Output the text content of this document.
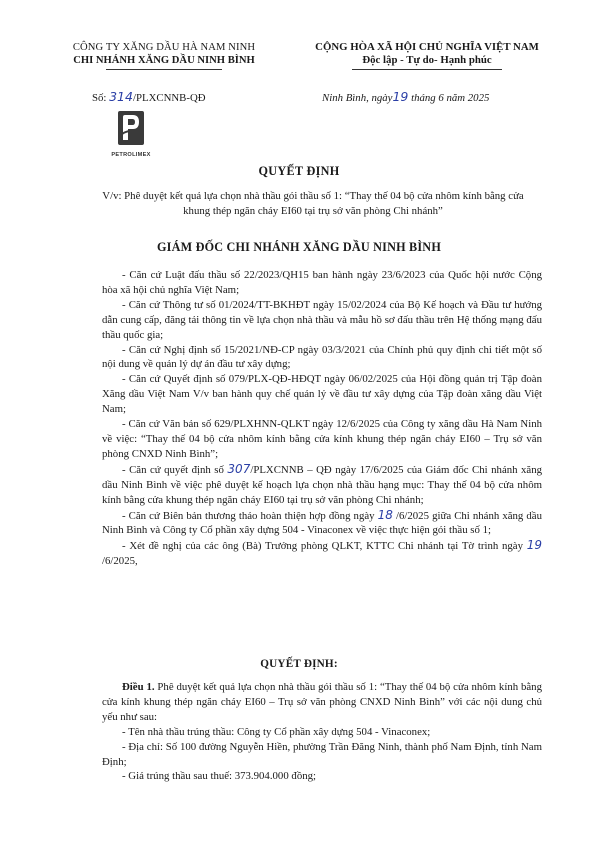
CÔNG TY XĂNG DẦU HÀ NAM NINH
CHI NHÁNH XĂNG DẦU NINH BÌNH
CỘNG HÒA XÃ HỘI CHỦ NGHĨA VIỆT NAM
Độc lập - Tự do- Hạnh phúc
Số: 314/PLXCNNB-QĐ	Ninh Bình, ngày19 tháng 6 năm 2025
PETROLIMEX
QUYẾT ĐỊNH
V/v: Phê duyệt kết quả lựa chọn nhà thầu gói thầu số 1: “Thay thế 04 bộ cửa nhôm kính bằng cửa khung thép ngăn cháy EI60 tại trụ sở văn phòng Chi nhánh”
GIÁM ĐỐC CHI NHÁNH XĂNG DẦU NINH BÌNH

- Căn cứ Luật đấu thầu số 22/2023/QH15 ban hành ngày 23/6/2023 của Quốc hội nước Cộng hòa xã hội chủ nghĩa Việt Nam;

- Căn cứ Thông tư số 01/2024/TT-BKHĐT ngày 15/02/2024 của Bộ Kế hoạch và Đầu tư hướng dẫn cung cấp, đăng tải thông tin về lựa chọn nhà thầu và mẫu hồ sơ đấu thầu trên Hệ thống mạng đấu thầu quốc gia;

- Căn cứ Nghị định số 15/2021/NĐ-CP ngày 03/3/2021 của Chính phủ quy định chi tiết một số nội dung về quản lý dự án đầu tư xây dựng;

- Căn cứ Quyết định số 079/PLX-QĐ-HĐQT ngày 06/02/2025 của Hội đồng quản trị Tập đoàn Xăng dầu Việt Nam V/v ban hành quy chế quản lý về đầu tư xây dựng của Tập đoàn xăng dầu Việt Nam;

- Căn cứ Văn bản số 629/PLXHNN-QLKT ngày 12/6/2025 của Công ty xăng dầu Hà Nam Ninh về việc: “Thay thế 04 bộ cửa nhôm kính bằng cửa kính khung thép ngăn cháy EI60 – Trụ sở văn phòng CNXD Ninh Bình”;

- Căn cứ quyết định số 307/PLXCNNB – QĐ ngày 17/6/2025 của Giám đốc Chi nhánh xăng dầu Ninh Bình về việc phê duyệt kế hoạch lựa chọn nhà thầu hạng mục: Thay thế 04 bộ cửa nhôm kính bằng cửa khung thép ngăn cháy EI60 tại trụ sở văn phòng Chi nhánh;

- Căn cứ Biên bản thương thảo hoàn thiện hợp đồng ngày 18 /6/2025 giữa Chi nhánh xăng dầu Ninh Bình và Công ty Cổ phần xây dựng 504 - Vinaconex về việc thực hiện gói thầu số 1;

- Xét đề nghị của các ông (Bà) Trưởng phòng QLKT, KTTC Chi nhánh tại Tờ trình ngày 19 /6/2025,

QUYẾT ĐỊNH:

Điều 1. Phê duyệt kết quả lựa chọn nhà thầu gói thầu số 1: “Thay thế 04 bộ cửa nhôm kính bằng cửa kính khung thép ngăn cháy EI60 – Trụ sở văn phòng CNXD Ninh Bình” với các nội dung chủ yếu như sau:

- Tên nhà thầu trúng thầu: Công ty Cổ phần xây dựng 504 - Vinaconex;

- Địa chỉ: Số 100 đường Nguyễn Hiền, phường Trần Đăng Ninh, thành phố Nam Định, tỉnh Nam Định;

- Giá trúng thầu sau thuế: 373.904.000 đồng;
